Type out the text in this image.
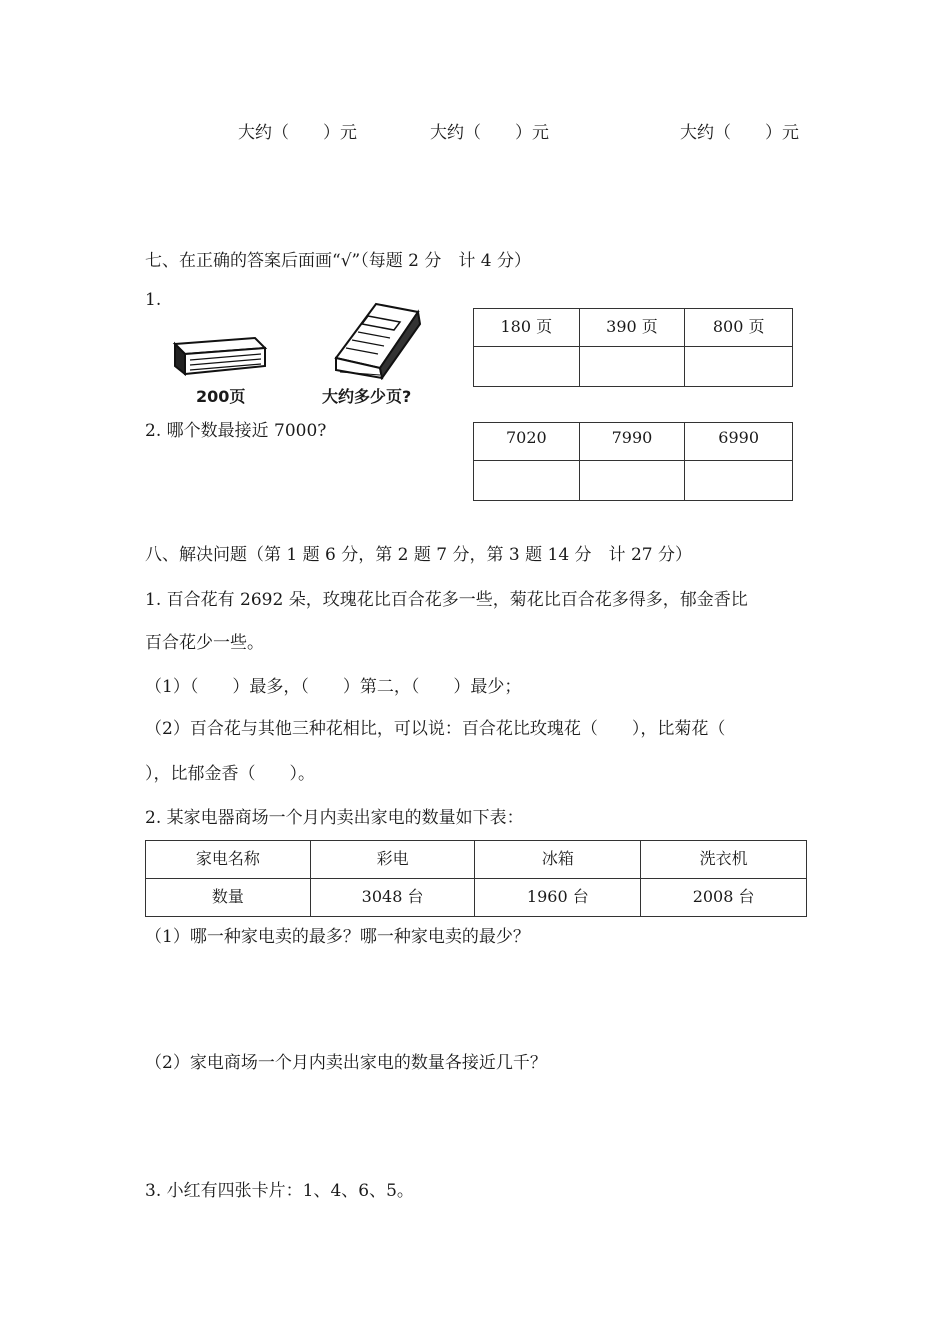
大约（　　）元	大约（　　）元	大约（　　）元
七、在正确的答案后面画“√”（每题 2 分　计 4 分）
1.
200页	大约多少页?
180 页	390 页	800 页

2. 哪个数最接近 7000?	7020	7990	6990

八、解决问题（第 1 题 6 分，第 2 题 7 分，第 3 题 14 分　计 27 分）
1. 百合花有 2692 朵，玫瑰花比百合花多一些，菊花比百合花多得多，郁金香比
百合花少一些。
（1）（　　）最多，（　　）第二，（　　）最少；
（2）百合花与其他三种花相比，可以说：百合花比玫瑰花（　　），比菊花（
），比郁金香（　　）。
2. 某家电器商场一个月内卖出家电的数量如下表：
家电名称	彩电	冰箱	洗衣机
数量	3048 台	1960 台	2008 台
（1）哪一种家电卖的最多？哪一种家电卖的最少？
（2）家电商场一个月内卖出家电的数量各接近几千？
3. 小红有四张卡片：1、4、6、5。
